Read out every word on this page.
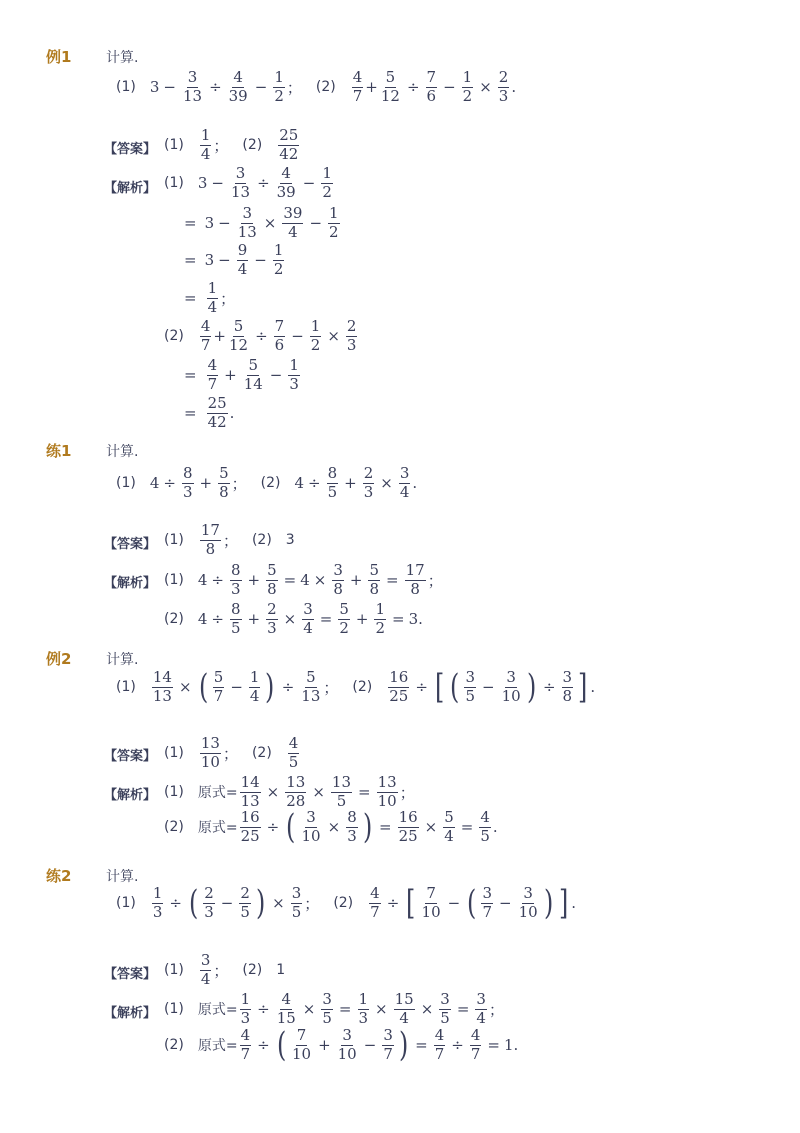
例1 计算.
(1) $3 - \frac{3}{13} \div \frac{4}{39} - \frac{1}{2}$ ； $(2) \frac{4}{7} + \frac{5}{12} \div \frac{7}{6} - \frac{1}{2} \times \frac{2}{3}$ .
【答案】 $(1) \frac{1}{4}$ ； $(2) \frac{25}{42}$
【解析】 (1) $3 - \frac{3}{13} \div \frac{4}{39} - \frac{1}{2}$
= $3 - \frac{3}{13} \times \frac{39}{4} - \frac{1}{2}$
= $3 - \frac{9}{4} - \frac{1}{2}$
= $\frac{1}{4}$ ；
$(2) \frac{4}{7} + \frac{5}{12} \div \frac{7}{6} - \frac{1}{2} \times \frac{2}{3}$
= $\frac{4}{7} + \frac{5}{14} - \frac{1}{3}$
= $\frac{25}{42}$ .
练1 计算.
(1) $4 \div \frac{8}{3} + \frac{5}{8}$ ； (2) $4 \div \frac{8}{5} + \frac{2}{3} \times \frac{3}{4}$ .
【答案】 $(1) \frac{17}{8}$ ； (2) 3
【解析】 (1) $4 \div \frac{8}{3} + \frac{5}{8} = 4 \times \frac{3}{8} + \frac{5}{8} = \frac{17}{8}$ ；
(2) $4 \div \frac{8}{5} + \frac{2}{3} \times \frac{3}{4} = \frac{5}{2} + \frac{1}{2} = 3$.
例2 计算.
$(1) \frac{14}{13}$ × ( $\frac{5}{7} - \frac{1}{4}$ ) ÷ $\frac{5}{13}$ ； $(2) \frac{16}{25}$ ÷ [ ( $\frac{3}{5} - \frac{3}{10}$ ) ÷ $\frac{3}{8}$ ] .
【答案】 $(1) \frac{13}{10}$ ； $(2) \frac{4}{5}$
【解析】 (1) 原式= $\frac{14}{13} \times \frac{13}{28} \times \frac{13}{5} = \frac{13}{10}$ ；
(2) 原式= $\frac{16}{25}$ ÷ ( $\frac{3}{10} \times \frac{8}{3}$ ) = $\frac{16}{25} \times \frac{5}{4} = \frac{4}{5}$ .
练2 计算.
$(1) \frac{1}{3}$ ÷ ( $\frac{2}{3} - \frac{2}{5}$ ) × $\frac{3}{5}$ ； $(2) \frac{4}{7}$ ÷ [ $\frac{7}{10}$ − ( $\frac{3}{7} - \frac{3}{10}$ ) ] .
【答案】 $(1) \frac{3}{4}$ ； (2) 1
【解析】 (1) 原式= $\frac{1}{3} \div \frac{4}{15} \times \frac{3}{5} = \frac{1}{3} \times \frac{15}{4} \times \frac{3}{5} = \frac{3}{4}$ ；
(2) 原式= $\frac{4}{7}$ ÷ ( $\frac{7}{10} + \frac{3}{10} - \frac{3}{7}$ ) = $\frac{4}{7} \div \frac{4}{7} = 1$.
